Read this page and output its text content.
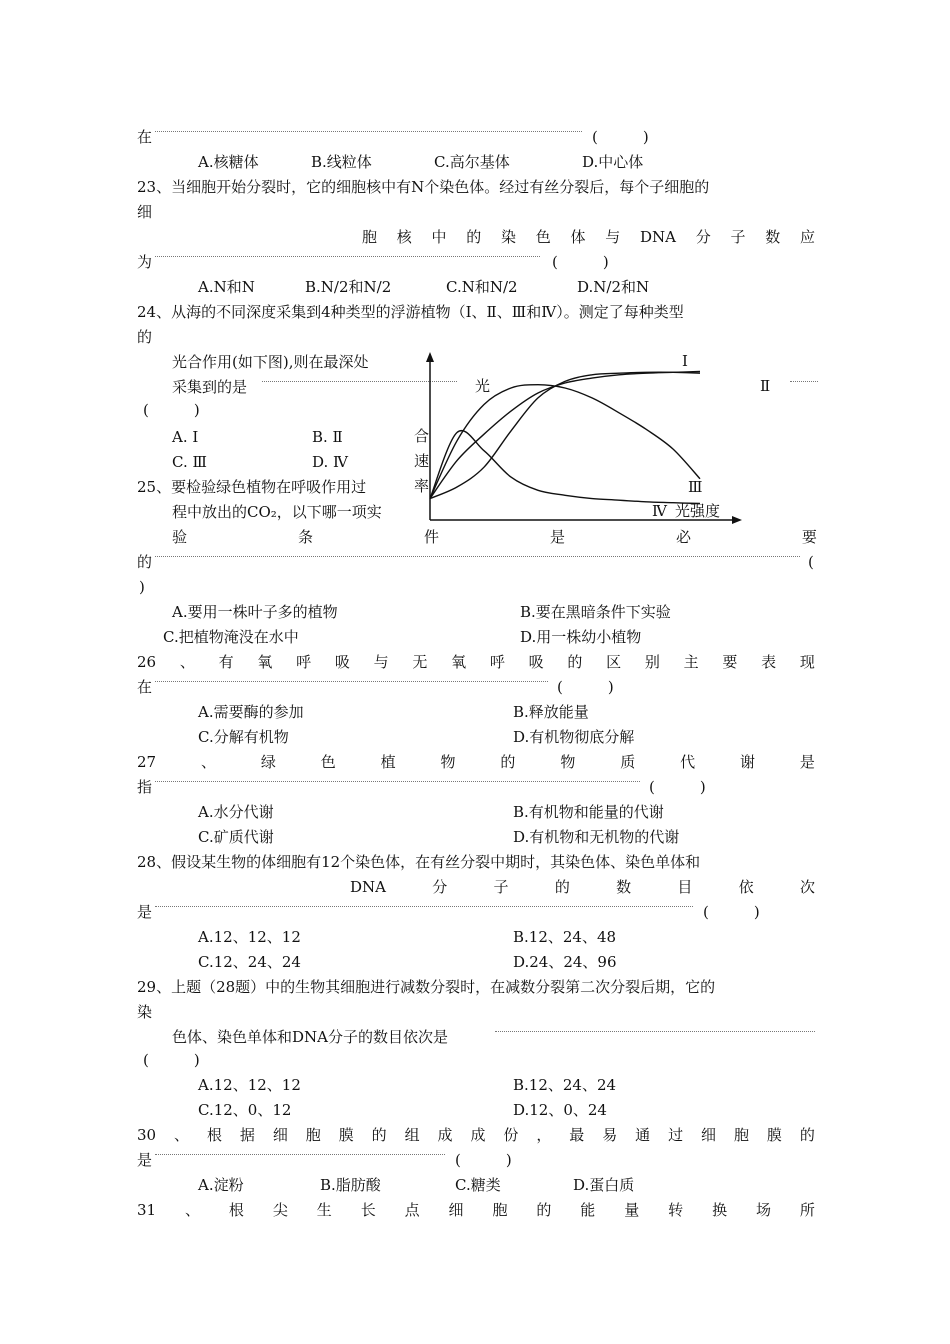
在	(　　　)
A.核糖体	B.线粒体	C.高尔基体	D.中心体
23、当细胞开始分裂时，它的细胞核中有N个染色体。经过有丝分裂后，每个子细胞的
细
胞 核 中 的 染 色 体 与 DNA 分 子 数 应
为	(　　　)
A.N和N	B.N/2和N/2	C.N和N/2	D.N/2和N
24、从海的不同深度采集到4种类型的浮游植物（Ⅰ、Ⅱ、Ⅲ和Ⅳ）。测定了每种类型
的
光合作用(如下图),则在最深处
采集到的是
(　　　)
A. Ⅰ	B. Ⅱ
C. Ⅲ	D. Ⅳ
Ⅰ
Ⅱ
Ⅲ
Ⅳ 光强度
光
合
速
率
25、要检验绿色植物在呼吸作用过
程中放出的CO₂，以下哪一项实
验	条	件	是	必	要
的	(
)
A.要用一株叶子多的植物	B.要在黑暗条件下实验
C.把植物淹没在水中	D.用一株幼小植物
26 、 有 氧 呼 吸 与 无 氧 呼 吸 的 区 别 主 要 表 现
在	(　　　)
A.需要酶的参加	B.释放能量
C.分解有机物	D.有机物彻底分解
27	、	绿	色	植	物	的	物	质	代	谢	是
指	(　　　)
A.水分代谢	B.有机物和能量的代谢
C.矿质代谢	D.有机物和无机物的代谢
28、假设某生物的体细胞有12个染色体，在有丝分裂中期时，其染色体、染色单体和
DNA	分	子	的	数	目	依	次
是	(　　　)
A.12、12、12	B.12、24、48
C.12、24、24	D.24、24、96
29、上题（28题）中的生物其细胞进行减数分裂时，在减数分裂第二次分裂后期，它的
染
色体、染色单体和DNA分子的数目依次是
(　　　)
A.12、12、12	B.12、24、24
C.12、0、12	D.12、0、24
30 、 根 据 细 胞 膜 的 组 成 成 份 ， 最 易 通 过 细 胞 膜 的
是	(　　　)
A.淀粉	B.脂肪酸	C.糖类	D.蛋白质
31 、 根 尖 生 长 点 细 胞 的 能 量 转 换 场 所
